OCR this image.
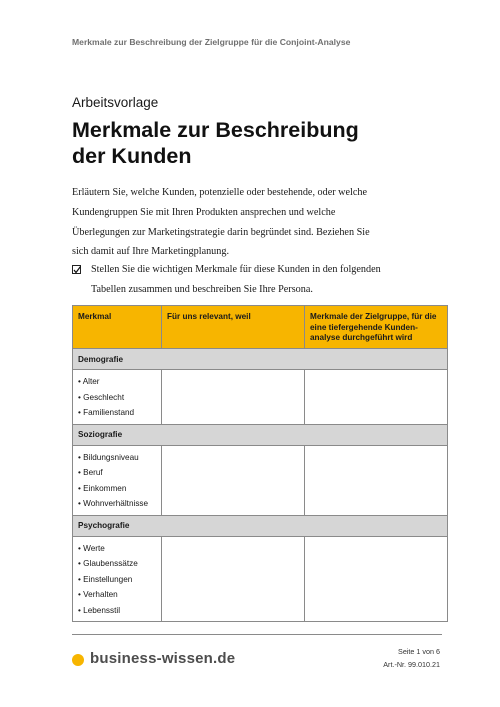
Merkmale zur Beschreibung der Zielgruppe für die Conjoint-Analyse
Arbeitsvorlage
Merkmale zur Beschreibung
der Kunden
Erläutern Sie, welche Kunden, potenzielle oder bestehende, oder welche
Kundengruppen Sie mit Ihren Produkten ansprechen und welche
Überlegungen zur Marketingstrategie darin begründet sind. Beziehen Sie
sich damit auf Ihre Marketingplanung.
Stellen Sie die wichtigen Merkmale für diese Kunden in den folgenden
Tabellen zusammen und beschreiben Sie Ihre Persona.
Merkmal	Für uns relevant, weil	Merkmale der Zielgruppe, für die eine tiefergehende Kunden-analyse durchgeführt wird
Demografie		

• Alter
• Geschlecht
• Familienstand		

Soziografie		

• Bildungsniveau
• Beruf
• Einkommen
• Wohnverhältnisse		

Psychografie		

• Werte
• Glaubenssätze
• Einstellungen
• Verhalten
• Lebensstil		

business-wissen.de	Seite 1 von 6
Art.-Nr. 99.010.21
